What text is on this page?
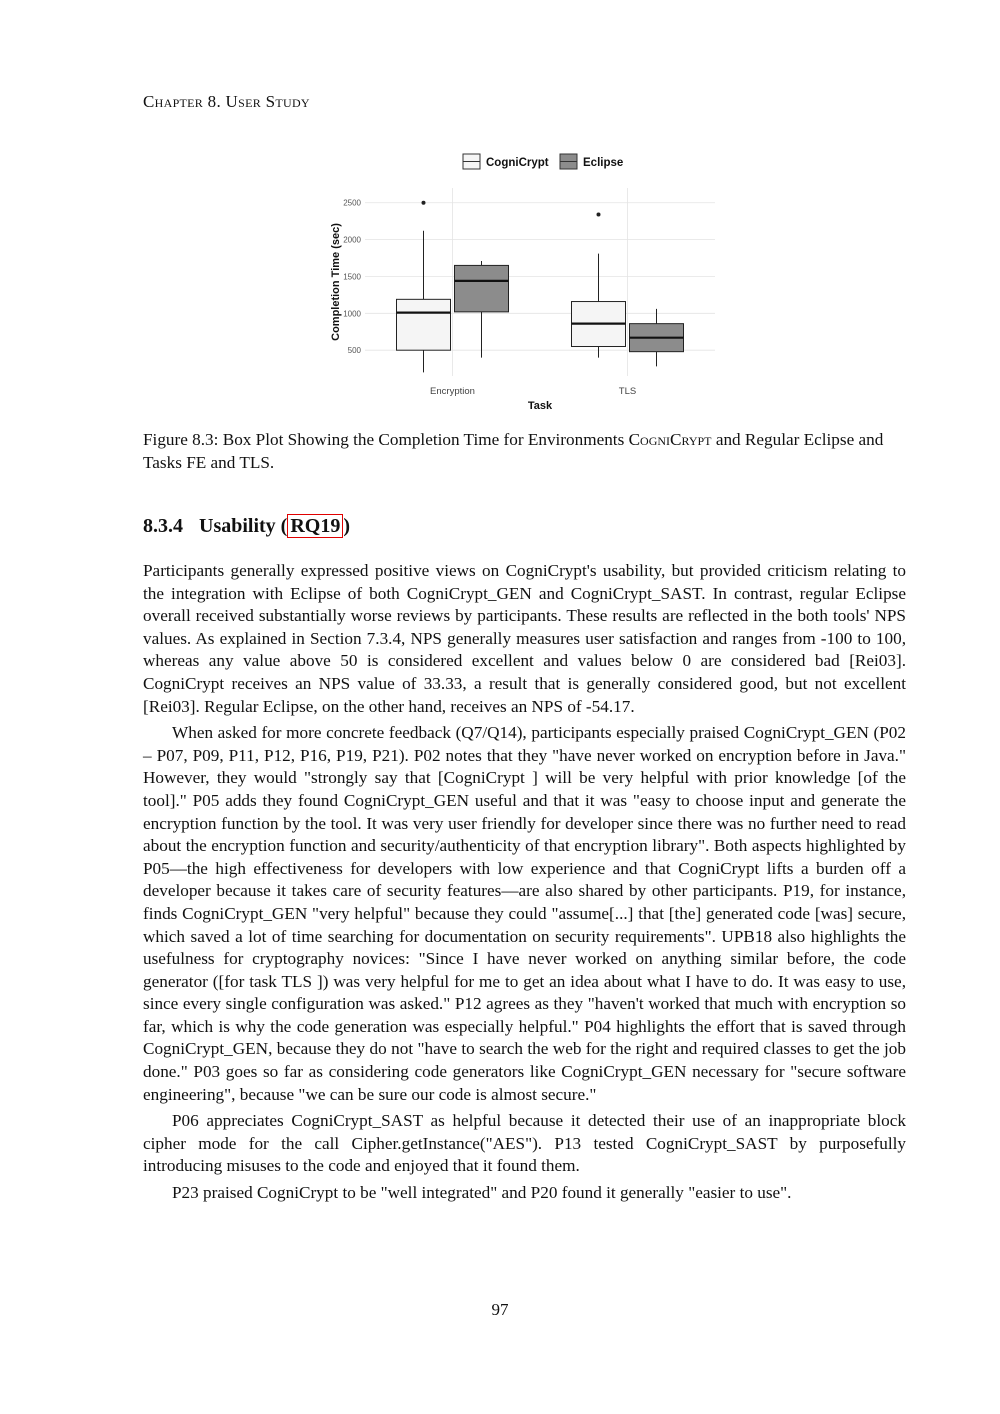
Chapter 8. User Study
500
1000
1500
2000
2500
Encryption	TLS
Task
Completion Time (sec)
CogniCrypt	Eclipse
Figure 8.3: Box Plot Showing the Completion Time for Environments CogniCrypt and Regular Eclipse and Tasks FE and TLS.
8.3.4 Usability ( RQ19 )

Participants generally expressed positive views on CogniCrypt's usability, but provided criticism relating to the integration with Eclipse of both CogniCrypt_GEN and CogniCrypt_SAST. In contrast, regular Eclipse overall received substantially worse reviews by participants. These results are reflected in the both tools' NPS values. As explained in Section 7.3.4, NPS generally measures user satisfaction and ranges from -100 to 100, whereas any value above 50 is considered excellent and values below 0 are considered bad [Rei03]. CogniCrypt receives an NPS value of 33.33, a result that is generally considered good, but not excellent [Rei03]. Regular Eclipse, on the other hand, receives an NPS of -54.17.

When asked for more concrete feedback (Q7/Q14), participants especially praised CogniCrypt_GEN (P02 – P07, P09, P11, P12, P16, P19, P21). P02 notes that they "have never worked on encryption before in Java." However, they would "strongly say that [CogniCrypt ] will be very helpful with prior knowledge [of the tool]." P05 adds they found CogniCrypt_GEN useful and that it was "easy to choose input and generate the encryption function by the tool. It was very user friendly for developer since there was no further need to read about the encryption function and security/authenticity of that encryption library". Both aspects highlighted by P05—the high effectiveness for developers with low experience and that CogniCrypt lifts a burden off a developer because it takes care of security features—are also shared by other participants. P19, for instance, finds CogniCrypt_GEN "very helpful" because they could "assume[...] that [the] generated code [was] secure, which saved a lot of time searching for documentation on security requirements". UPB18 also highlights the usefulness for cryptography novices: "Since I have never worked on anything similar before, the code generator ([for task TLS ]) was very helpful for me to get an idea about what I have to do. It was easy to use, since every single configuration was asked." P12 agrees as they "haven't worked that much with encryption so far, which is why the code generation was especially helpful." P04 highlights the effort that is saved through CogniCrypt_GEN, because they do not "have to search the web for the right and required classes to get the job done." P03 goes so far as considering code generators like CogniCrypt_GEN necessary for "secure software engineering", because "we can be sure our code is almost secure."

P06 appreciates CogniCrypt_SAST as helpful because it detected their use of an inappropriate block cipher mode for the call Cipher.getInstance("AES"). P13 tested CogniCrypt_SAST by purposefully introducing misuses to the code and enjoyed that it found them.

P23 praised CogniCrypt to be "well integrated" and P20 found it generally "easier to use".

97
